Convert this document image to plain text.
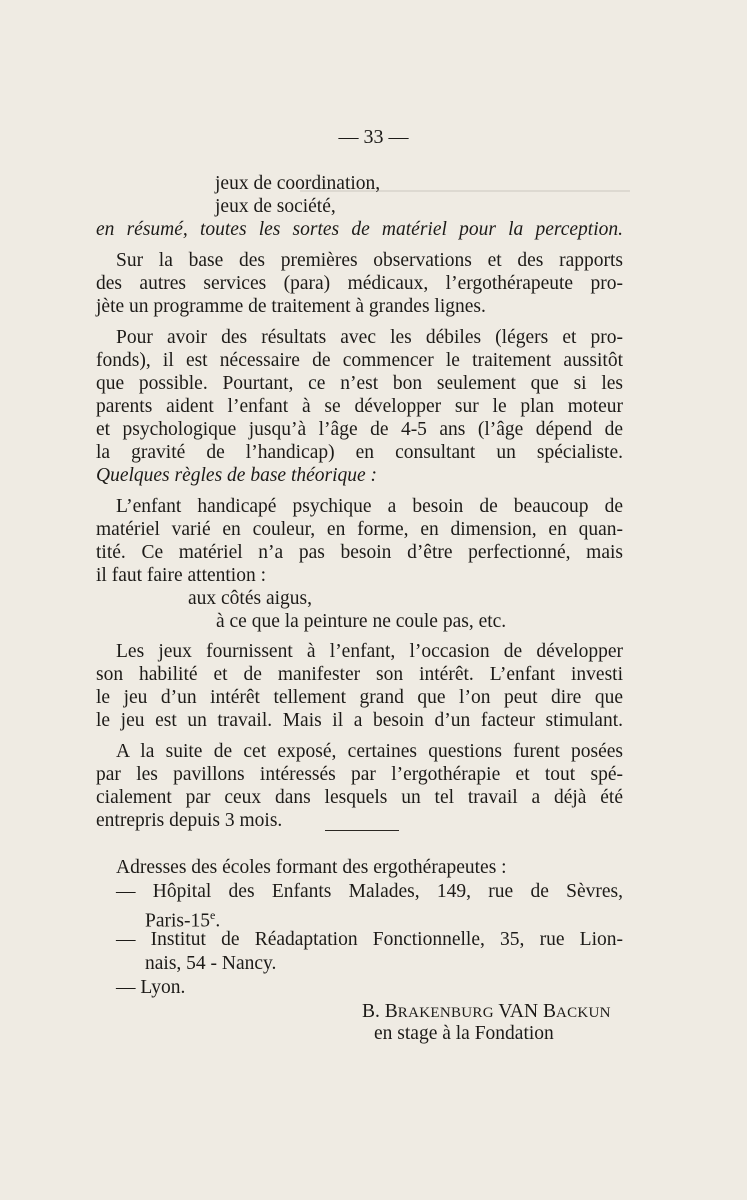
— 33 —
jeux de coordination,
jeux de société,
en résumé, toutes les sortes de matériel pour la perception.
Sur la base des premières observations et des rapports
des autres services (para) médicaux, l’ergothérapeute pro-
jète un programme de traitement à grandes lignes.
Pour avoir des résultats avec les débiles (légers et pro-
fonds), il est nécessaire de commencer le traitement aussitôt
que possible. Pourtant, ce n’est bon seulement que si les
parents aident l’enfant à se développer sur le plan moteur
et psychologique jusqu’à l’âge de 4-5 ans (l’âge dépend de
la gravité de l’handicap) en consultant un spécialiste.
Quelques règles de base théorique :
L’enfant handicapé psychique a besoin de beaucoup de
matériel varié en couleur, en forme, en dimension, en quan-
tité. Ce matériel n’a pas besoin d’être perfectionné, mais
il faut faire attention :
aux côtés aigus,
à ce que la peinture ne coule pas, etc.
Les jeux fournissent à l’enfant, l’occasion de développer
son habilité et de manifester son intérêt. L’enfant investi
le jeu d’un intérêt tellement grand que l’on peut dire que
le jeu est un travail. Mais il a besoin d’un facteur stimulant.
A la suite de cet exposé, certaines questions furent posées
par les pavillons intéressés par l’ergothérapie et tout spé-
cialement par ceux dans lesquels un tel travail a déjà été
entrepris depuis 3 mois.
Adresses des écoles formant des ergothérapeutes :
— Hôpital des Enfants Malades, 149, rue de Sèvres,
Paris-15e.
— Institut de Réadaptation Fonctionnelle, 35, rue Lion-
nais, 54 - Nancy.
— Lyon.
B. BRAKENBURG VAN BACKUN
en stage à la Fondation
